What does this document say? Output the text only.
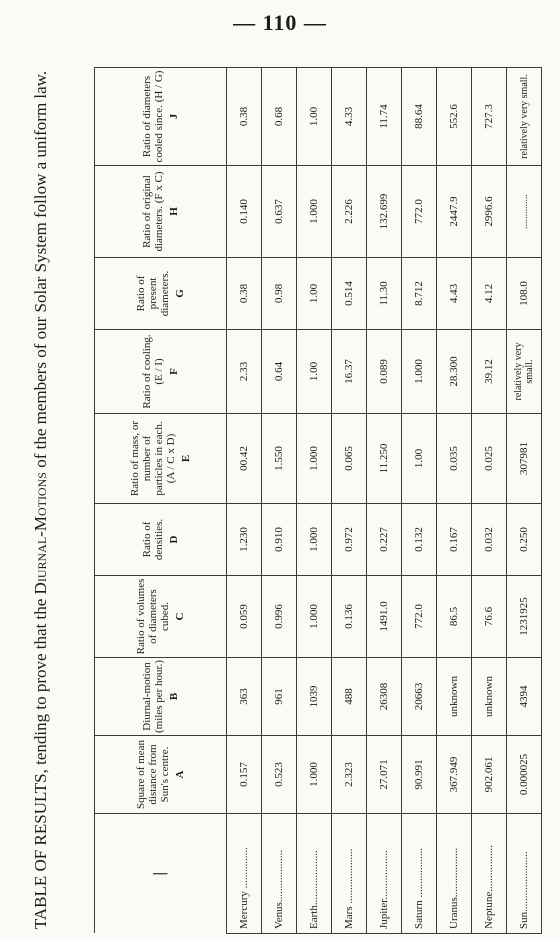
— 110 —
TABLE OF RESULTS, tending to prove that the Diurnal-Motions of the members of our Solar System follow a uniform law.
|	Square of mean distance from Sun's centre. A	Diurnal-motion (miles per hour.) B	Ratio of volumes of diameters cubed. C	Ratio of densities. D	Ratio of mass, or number of particles in each. (A / C x D) E	Ratio of cooling. (E / I) F	Ratio of present diameters. G	Ratio of original diameters. (F x C) H	Ratio of diameters cooled since. (H / G) J

Mercury ...............	0.157	363	0.059	1.230	00.42	2.33	0.38	0.140	0.38
Venus...................	0.523	961	0.996	0.910	1.550	0.64	0.98	0.637	0.68
Earth....................	1.000	1039	1.000	1.000	1.000	1.00	1.00	1.000	1.00
Mars ....................	2.323	488	0.136	0.972	0.065	16.37	0.514	2.226	4.33
Jupiter..................	27.071	26308	1491.0	0.227	11.250	0.089	11.30	132.699	11.74
Saturn ..................	90.991	20663	772.0	0.132	1.00	1.000	8.712	772.0	88.64
Uranus..................	367.949	unknown	86.5	0.167	0.035	28.300	4.43	2447.9	552.6
Neptune.................	902.061	unknown	76.6	0.032	0.025	39.12	4.12	2996.6	727.3
Sun......................	0.000025	4394	1231925	0.250	307981	relatively very small.	108.0	..............	relatively very small.
